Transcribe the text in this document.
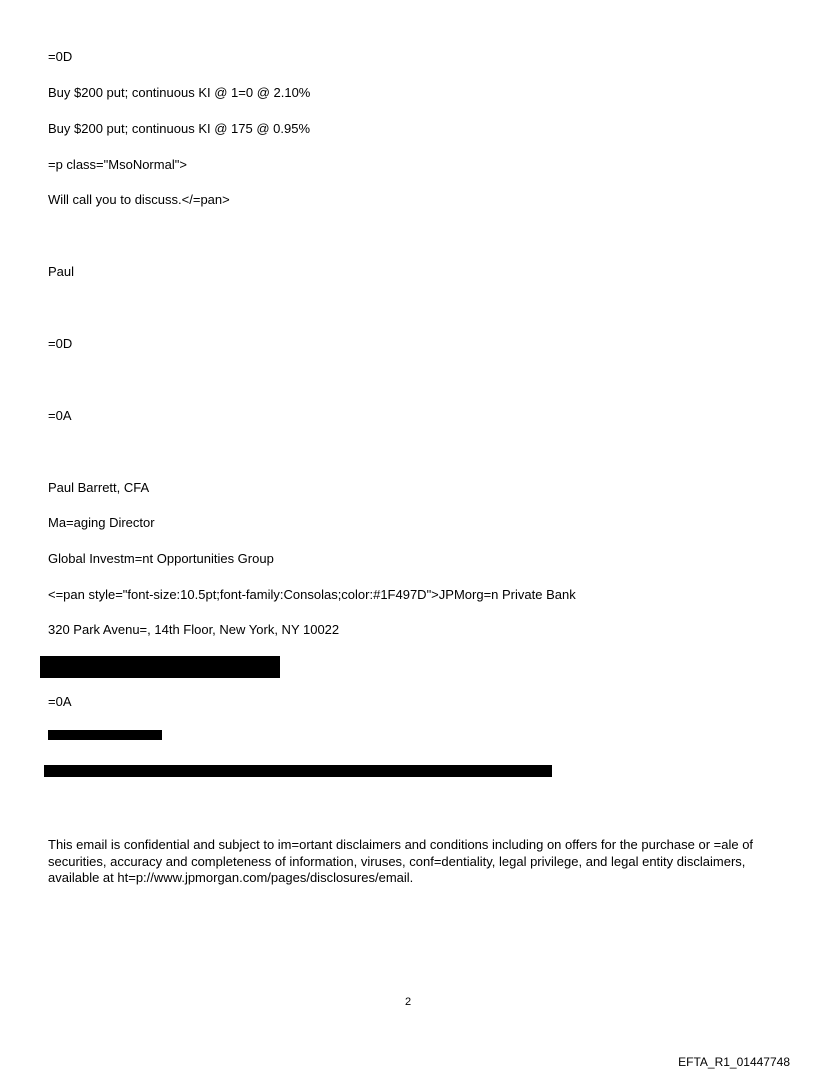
=0D
Buy $200 put; continuous KI @ 1=0 @ 2.10%
Buy $200 put; continuous KI @ 175 @ 0.95%
=p class="MsoNormal">
Will call you to discuss.</=pan>
Paul
=0D
=0A
Paul Barrett, CFA
Ma=aging Director
Global Investm=nt Opportunities Group
<=pan style="font-size:10.5pt;font-family:Consolas;color:#1F497D">JPMorg=n Private Bank
320 Park Avenu=, 14th Floor, New York, NY 10022
=0A
This email is confidential and subject to im=ortant disclaimers and conditions including on offers for the purchase or =ale of securities, accuracy and completeness of information, viruses, conf=dentiality, legal privilege, and legal entity disclaimers, available at ht=p://www.jpmorgan.com/pages/disclosures/email.
2
EFTA_R1_01447748
